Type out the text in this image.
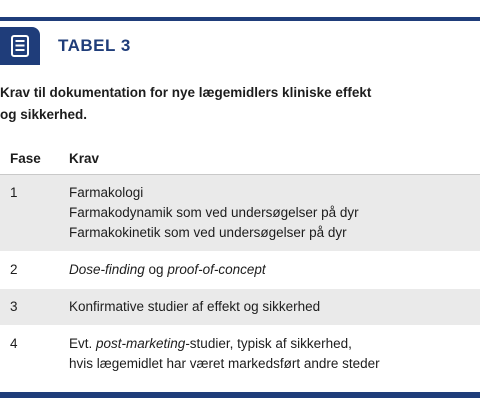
TABEL 3
Krav til dokumentation for nye lægemidlers kliniske effekt
og sikkerhed.
Fase	Krav
1	Farmakologi
Farmakodynamik som ved undersøgelser på dyr
Farmakokinetik som ved undersøgelser på dyr
2	Dose-finding og proof-of-concept
3	Konfirmative studier af effekt og sikkerhed
4	Evt. post-marketing-studier, typisk af sikkerhed,
hvis lægemidlet har været markedsført andre steder
